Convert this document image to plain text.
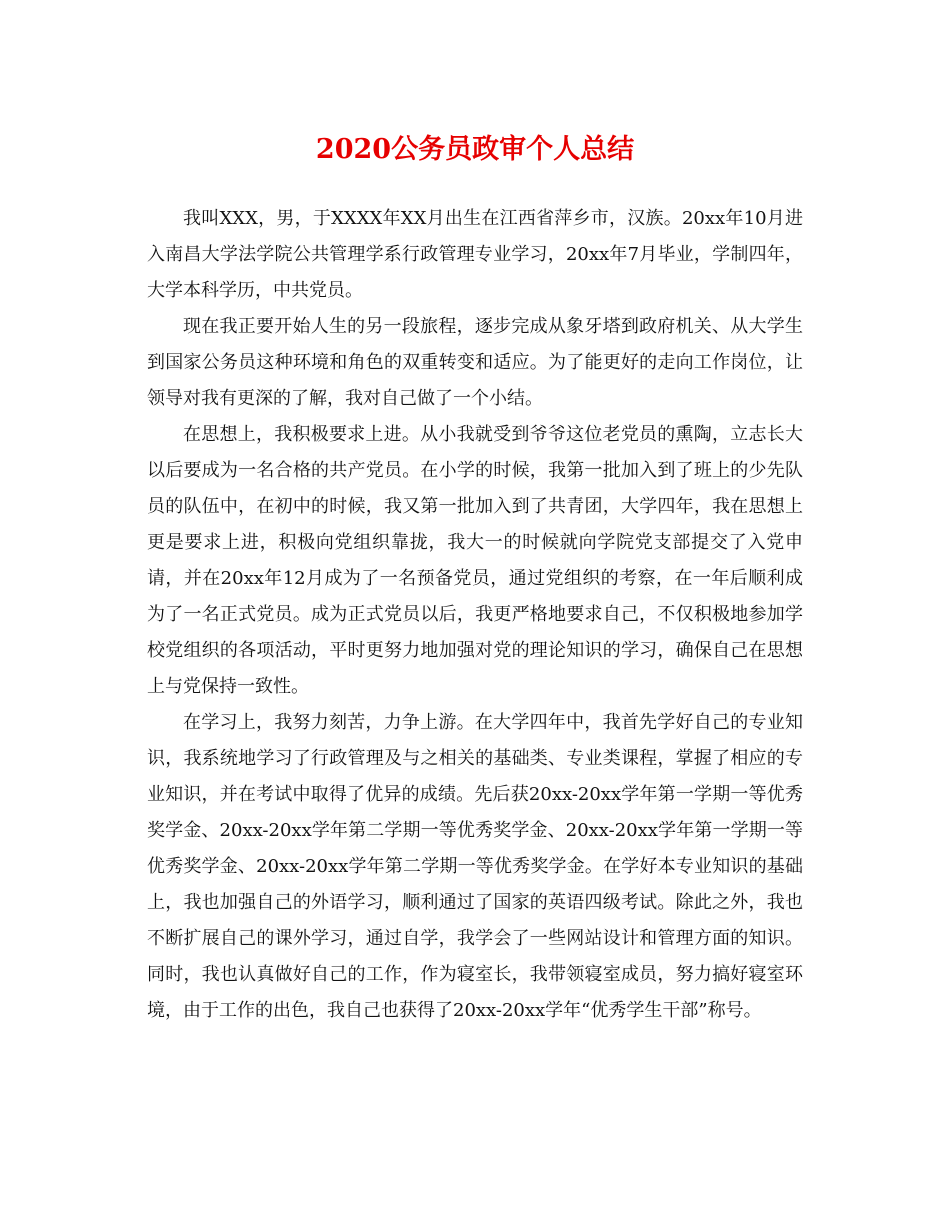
2020公务员政审个人总结

我叫XXX，男，于XXXX年XX月出生在江西省萍乡市，汉族。20xx年10月进入南昌大学法学院公共管理学系行政管理专业学习，20xx年7月毕业，学制四年，大学本科学历，中共党员。

现在我正要开始人生的另一段旅程，逐步完成从象牙塔到政府机关、从大学生到国家公务员这种环境和角色的双重转变和适应。为了能更好的走向工作岗位，让领导对我有更深的了解，我对自己做了一个小结。

在思想上，我积极要求上进。从小我就受到爷爷这位老党员的熏陶，立志长大以后要成为一名合格的共产党员。在小学的时候，我第一批加入到了班上的少先队员的队伍中，在初中的时候，我又第一批加入到了共青团，大学四年，我在思想上更是要求上进，积极向党组织靠拢，我大一的时候就向学院党支部提交了入党申请，并在20xx年12月成为了一名预备党员，通过党组织的考察，在一年后顺利成为了一名正式党员。成为正式党员以后，我更严格地要求自己，不仅积极地参加学校党组织的各项活动，平时更努力地加强对党的理论知识的学习，确保自己在思想上与党保持一致性。

在学习上，我努力刻苦，力争上游。在大学四年中，我首先学好自己的专业知识，我系统地学习了行政管理及与之相关的基础类、专业类课程，掌握了相应的专业知识，并在考试中取得了优异的成绩。先后获20xx-20xx学年第一学期一等优秀奖学金、20xx-20xx学年第二学期一等优秀奖学金、20xx-20xx学年第一学期一等优秀奖学金、20xx-20xx学年第二学期一等优秀奖学金。在学好本专业知识的基础上，我也加强自己的外语学习，顺利通过了国家的英语四级考试。除此之外，我也不断扩展自己的课外学习，通过自学，我学会了一些网站设计和管理方面的知识。同时，我也认真做好自己的工作，作为寝室长，我带领寝室成员，努力搞好寝室环境，由于工作的出色，我自己也获得了20xx-20xx学年“优秀学生干部”称号。
